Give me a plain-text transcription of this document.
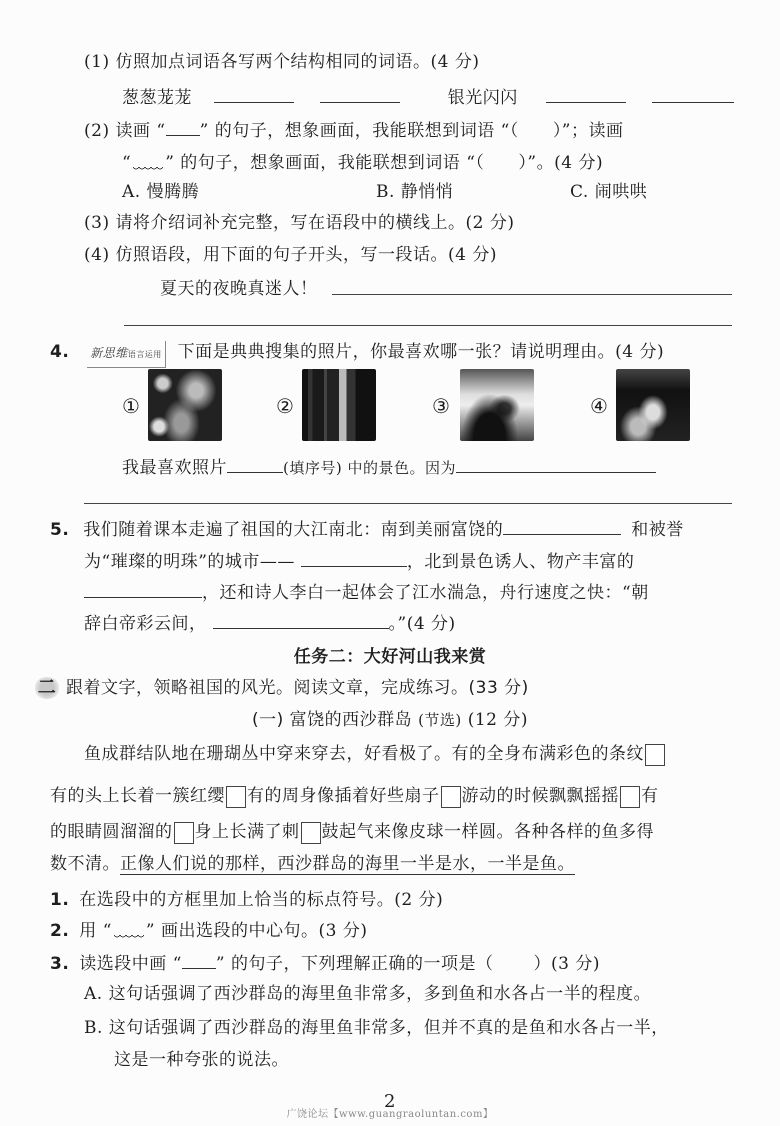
(1) 仿照加点词语各写两个结构相同的词语。(4 分)
葱葱茏茏	银光闪闪
(2) 读画 “ ” 的句子，想象画面，我能联想到词语 “（ ）”；读画
“ ” 的句子，想象画面，我能联想到词语 “（ ）”。(4 分)
A. 慢腾腾	B. 静悄悄	C. 闹哄哄
(3) 请将介绍词补充完整，写在语段中的横线上。(2 分)
(4) 仿照语段，用下面的句子开头，写一段话。(4 分)
夏天的夜晚真迷人！
4. 新思维语言运用 下面是典典搜集的照片，你最喜欢哪一张？请说明理由。(4 分)
①	②	③	④
我最喜欢照片	(填序号) 中的景色。因为
5. 我们随着课本走遍了祖国的大江南北：南到美丽富饶的	和被誉
为“璀璨的明珠”的城市——	，北到景色诱人、物产丰富的
，还和诗人李白一起体会了江水湍急，舟行速度之快：“朝
辞白帝彩云间，	。”(4 分)
任务二：大好河山我来赏
二 跟着文字，领略祖国的风光。阅读文章，完成练习。(33 分)
(一) 富饶的西沙群岛 (节选) (12 分)
鱼成群结队地在珊瑚丛中穿来穿去，好看极了。有的全身布满彩色的条纹
有的头上长着一簇红缨 有的周身像插着好些扇子 游动的时候飘飘摇摇 有
的眼睛圆溜溜的 身上长满了刺 鼓起气来像皮球一样圆。各种各样的鱼多得
数不清。正像人们说的那样，西沙群岛的海里一半是水，一半是鱼。
1. 在选段中的方框里加上恰当的标点符号。(2 分)
2. 用 “ ” 画出选段的中心句。(3 分)
3. 读选段中画 “ ” 的句子，下列理解正确的一项是（ ）(3 分)
A. 这句话强调了西沙群岛的海里鱼非常多，多到鱼和水各占一半的程度。
B. 这句话强调了西沙群岛的海里鱼非常多，但并不真的是鱼和水各占一半，
这是一种夸张的说法。
2
广饶论坛【www.guangraoluntan.com】
